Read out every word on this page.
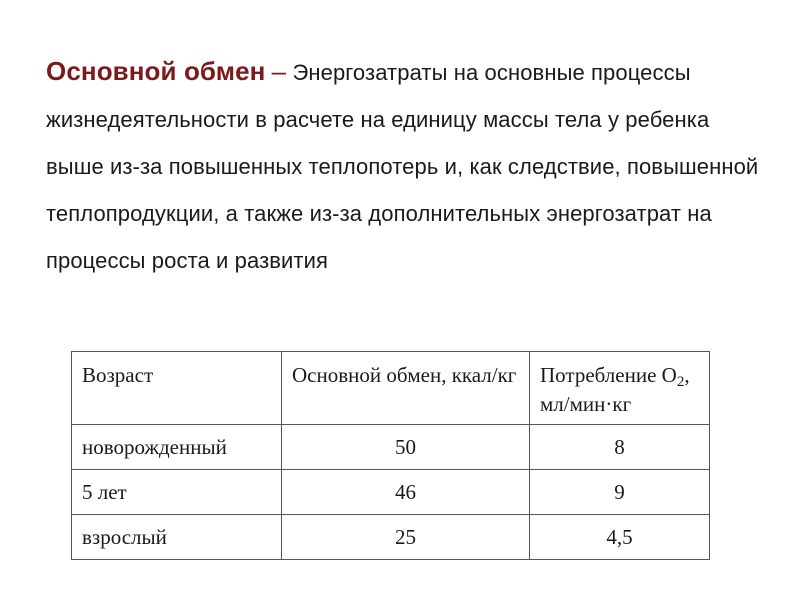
Основной обмен – Энергозатраты на основные процессы жизнедеятельности в расчете на единицу массы тела у ребенка выше из-за повышенных теплопотерь и, как следствие, повышенной теплопродукции, а также из-за дополнительных энергозатрат на процессы роста и развития
Возраст	Основной обмен, ккал/кг	Потребление $О_2$, мл/мин·кг
новорожденный	50	8
5 лет	46	9
взрослый	25	4,5
